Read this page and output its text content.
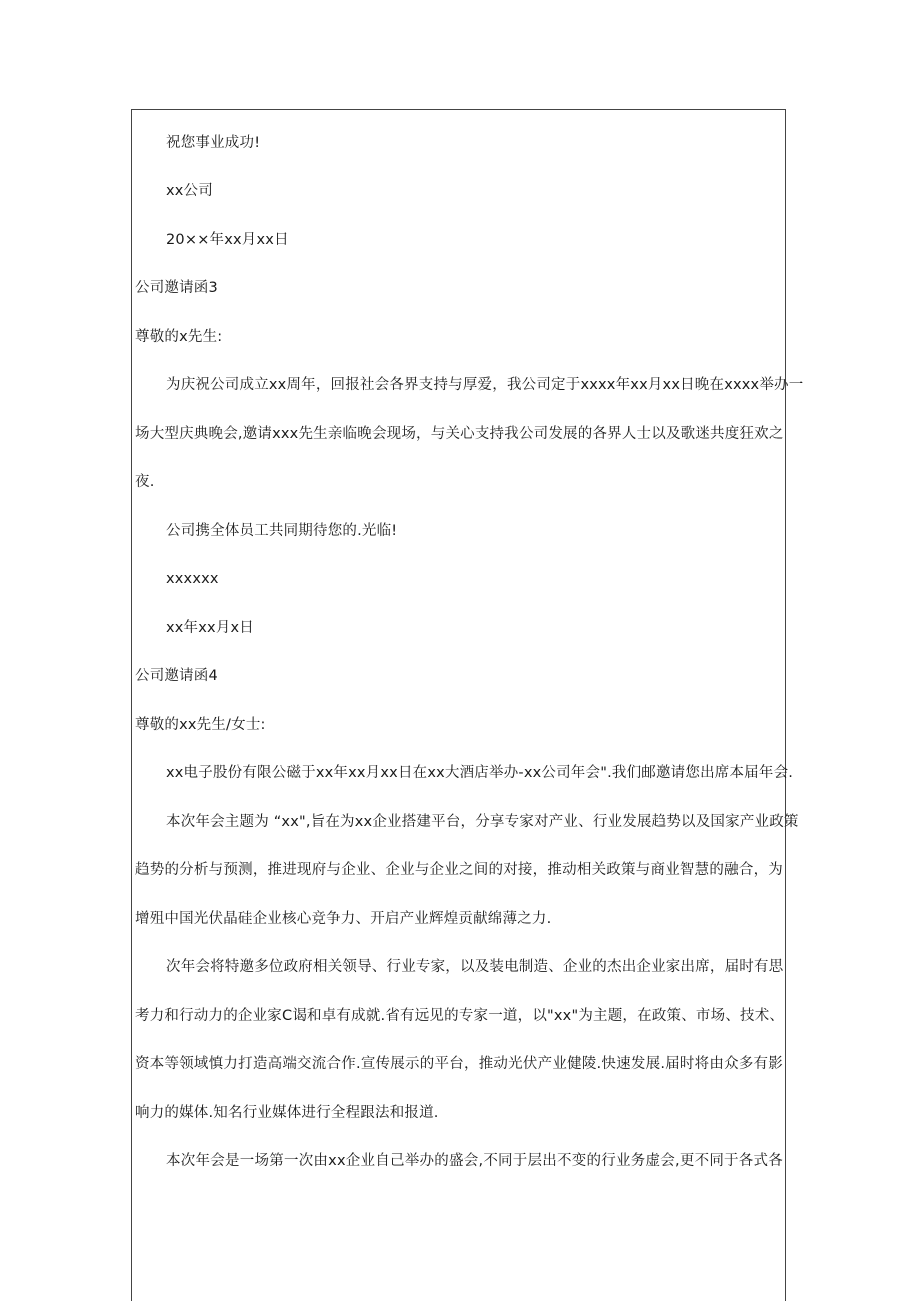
祝您事业成功!
xx公司
20××年xx月xx日
公司邀请函3
尊敬的x先生:
为庆祝公司成立xx周年，回报社会各界支持与厚爱，我公司定于xxxx年xx月xx日晚在xxxx举办一
场大型庆典晚会,邀请xxx先生亲临晚会现场，与关心支持我公司发展的各界人士以及歌迷共度狂欢之
夜.
公司携全体员工共同期待您的.光临!
xxxxxx
xx年xx月x日
公司邀请函4
尊敬的xx先生/女士:
xx电子股份有限公磁于xx年xx月xx日在xx大酒店举办-xx公司年会".我们邮邀请您出席本届年会.
本次年会主题为 “xx",旨在为xx企业搭建平台，分享专家对产业、行业发展趋势以及国家产业政策
趋势的分析与预测，推进现府与企业、企业与企业之间的对接，推动相关政策与商业智慧的融合，为
增殂中国光伏晶硅企业核心竞争力、开启产业辉煌贡献绵薄之力.
次年会将特邀多位政府相关领导、行业专家，以及装电制造、企业的杰出企业家出席，届时有思
考力和行动力的企业家C谒和卓有成就.省有远见的专家一道，以"xx"为主题，在政策、市场、技术、
资本等领域慎力打造高端交流合作.宣传展示的平台，推动光伏产业健陵.快速发展.届时将由众多有影
响力的媒体.知名行业媒体进行全程跟法和报道.
本次年会是一场第一次由xx企业自己举办的盛会,不同于层出不变的行业务虚会,更不同于各式各
